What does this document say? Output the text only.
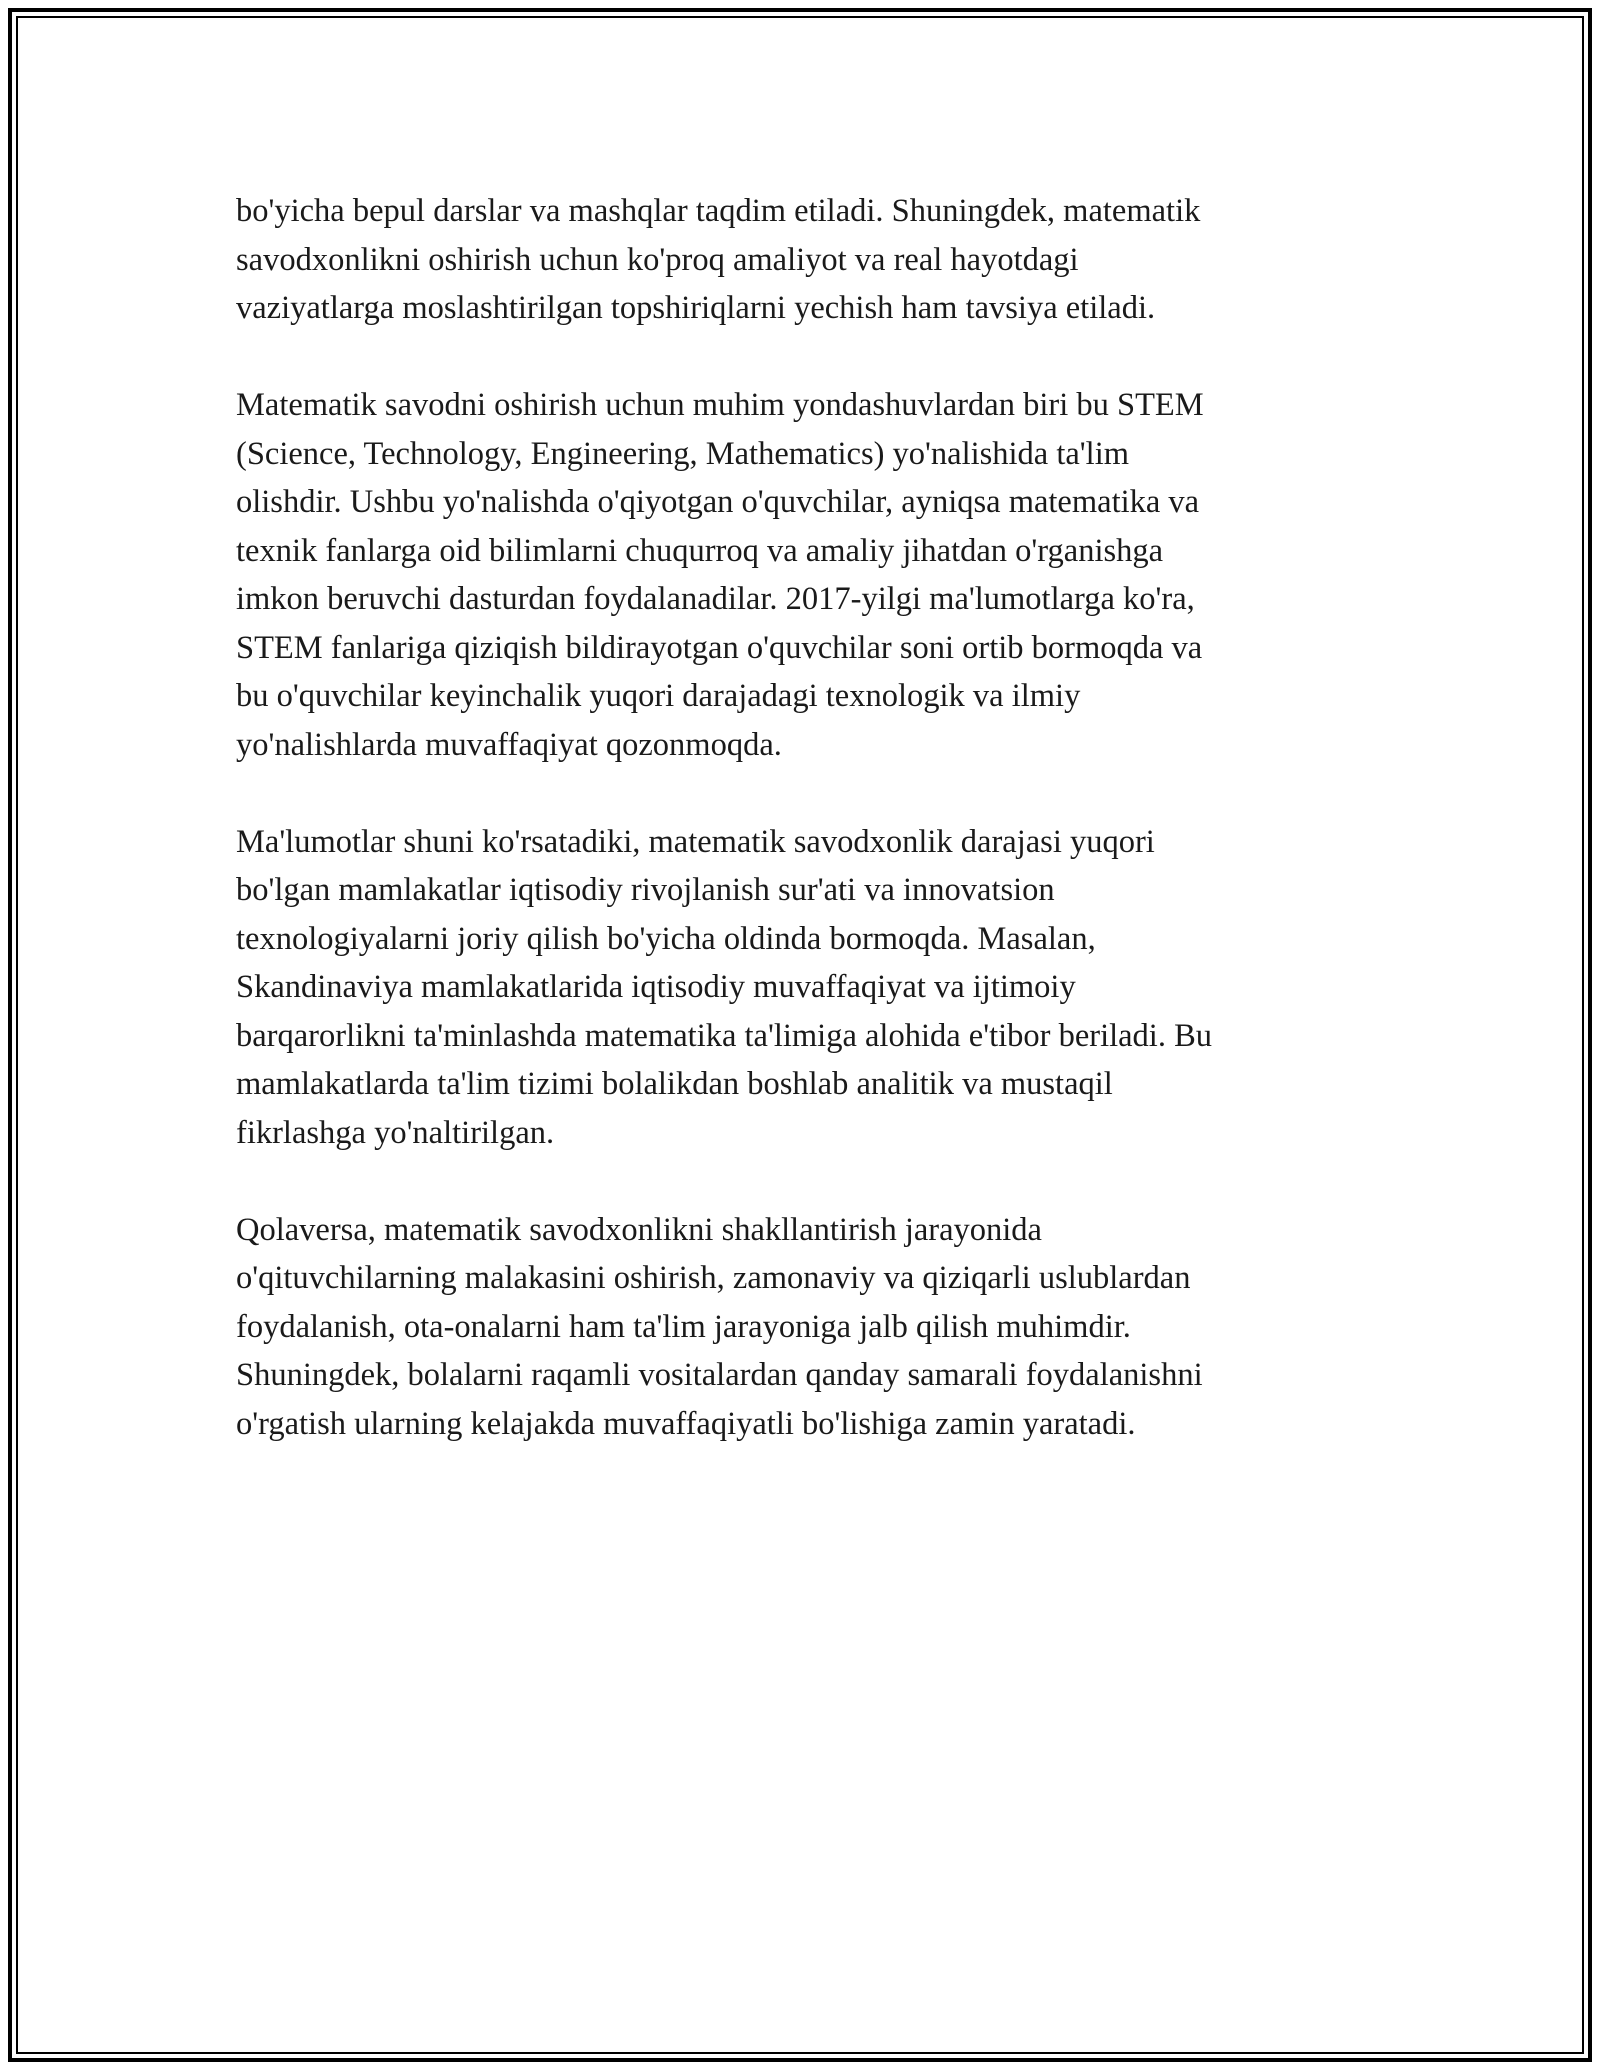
bo'yicha bepul darslar va mashqlar taqdim etiladi. Shuningdek, matematik
savodxonlikni oshirish uchun ko'proq amaliyot va real hayotdagi
vaziyatlarga moslashtirilgan topshiriqlarni yechish ham tavsiya etiladi.

Matematik savodni oshirish uchun muhim yondashuvlardan biri bu STEM
(Science, Technology, Engineering, Mathematics) yo'nalishida ta'lim
olishdir. Ushbu yo'nalishda o'qiyotgan o'quvchilar, ayniqsa matematika va
texnik fanlarga oid bilimlarni chuqurroq va amaliy jihatdan o'rganishga
imkon beruvchi dasturdan foydalanadilar. 2017-yilgi ma'lumotlarga ko'ra,
STEM fanlariga qiziqish bildirayotgan o'quvchilar soni ortib bormoqda va
bu o'quvchilar keyinchalik yuqori darajadagi texnologik va ilmiy
yo'nalishlarda muvaffaqiyat qozonmoqda.

Ma'lumotlar shuni ko'rsatadiki, matematik savodxonlik darajasi yuqori
bo'lgan mamlakatlar iqtisodiy rivojlanish sur'ati va innovatsion
texnologiyalarni joriy qilish bo'yicha oldinda bormoqda. Masalan,
Skandinaviya mamlakatlarida iqtisodiy muvaffaqiyat va ijtimoiy
barqarorlikni ta'minlashda matematika ta'limiga alohida e'tibor beriladi. Bu
mamlakatlarda ta'lim tizimi bolalikdan boshlab analitik va mustaqil
fikrlashga yo'naltirilgan.

Qolaversa, matematik savodxonlikni shakllantirish jarayonida
o'qituvchilarning malakasini oshirish, zamonaviy va qiziqarli uslublardan
foydalanish, ota-onalarni ham ta'lim jarayoniga jalb qilish muhimdir.
Shuningdek, bolalarni raqamli vositalardan qanday samarali foydalanishni
o'rgatish ularning kelajakda muvaffaqiyatli bo'lishiga zamin yaratadi.
